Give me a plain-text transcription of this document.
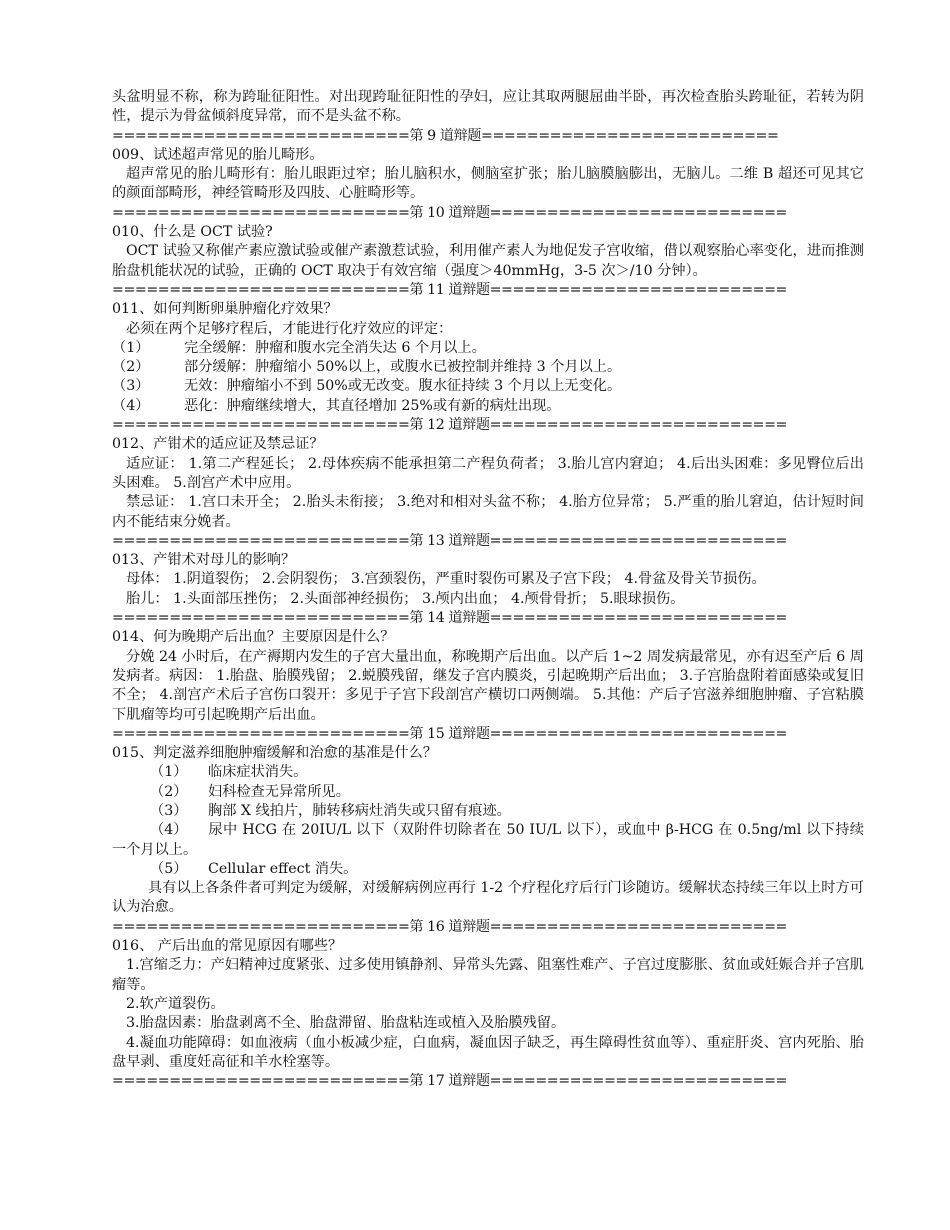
头盆明显不称，称为跨耻征阳性。对出现跨耻征阳性的孕妇，应让其取两腿屈曲半卧，再次检查胎头跨耻征，若转为阴性，提示为骨盆倾斜度异常，而不是头盆不称。

==========================第 9 道辩题==========================

009、试述超声常见的胎儿畸形。

超声常见的胎儿畸形有：胎儿眼距过窄；胎儿脑积水，侧脑室扩张；胎儿脑膜脑膨出，无脑儿。二维 B 超还可见其它的颜面部畸形，神经管畸形及四肢、心脏畸形等。

==========================第 10 道辩题==========================

010、什么是 OCT 试验?

OCT 试验又称催产素应激试验或催产素激惹试验，利用催产素人为地促发子宫收缩，借以观察胎心率变化，进而推测胎盘机能状况的试验，正确的 OCT 取决于有效宫缩（强度＞40mmHg，3-5 次＞/10 分钟）。

==========================第 11 道辩题==========================

011、如何判断卵巢肿瘤化疗效果？

必须在两个足够疗程后，才能进行化疗效应的评定：

（1）	完全缓解：肿瘤和腹水完全消失达 6 个月以上。
（2）	部分缓解：肿瘤缩小 50%以上，或腹水已被控制并维持 3 个月以上。
（3）	无效：肿瘤缩小不到 50%或无改变。腹水征持续 3 个月以上无变化。
（4）	恶化：肿瘤继续增大，其直径增加 25%或有新的病灶出现。

==========================第 12 道辩题==========================

012、产钳术的适应证及禁忌证？

适应证： 1.第二产程延长； 2.母体疾病不能承担第二产程负荷者； 3.胎儿宫内窘迫； 4.后出头困难：多见臀位后出头困难。 5.剖宫产术中应用。

禁忌证： 1.宫口未开全； 2.胎头未衔接； 3.绝对和相对头盆不称； 4.胎方位异常； 5.严重的胎儿窘迫，估计短时间内不能结束分娩者。

==========================第 13 道辩题==========================

013、产钳术对母儿的影响？

母体： 1.阴道裂伤； 2.会阴裂伤； 3.宫颈裂伤，严重时裂伤可累及子宫下段； 4.骨盆及骨关节损伤。

胎儿： 1.头面部压挫伤； 2.头面部神经损伤； 3.颅内出血； 4.颅骨骨折； 5.眼球损伤。

==========================第 14 道辩题==========================

014、何为晚期产后出血？主要原因是什么？

分娩 24 小时后，在产褥期内发生的子宫大量出血，称晚期产后出血。以产后 1~2 周发病最常见，亦有迟至产后 6 周发病者。病因： 1.胎盘、胎膜残留； 2.蜕膜残留，继发子宫内膜炎，引起晚期产后出血； 3.子宫胎盘附着面感染或复旧不全； 4.剖宫产术后子宫伤口裂开：多见于子宫下段剖宫产横切口两侧端。 5.其他：产后子宫滋养细胞肿瘤、子宫粘膜下肌瘤等均可引起晚期产后出血。

==========================第 15 道辩题==========================

015、判定滋养细胞肿瘤缓解和治愈的基准是什么？

（1） 临床症状消失。

（2） 妇科检查无异常所见。

（3） 胸部 X 线拍片，肺转移病灶消失或只留有痕迹。

（4） 尿中 HCG 在 20IU/L 以下（双附件切除者在 50 IU/L 以下），或血中 β-HCG 在 0.5ng/ml 以下持续一个月以上。

（5） Cellular effect 消失。

具有以上各条件者可判定为缓解，对缓解病例应再行 1-2 个疗程化疗后行门诊随访。缓解状态持续三年以上时方可认为治愈。

==========================第 16 道辩题==========================

016、 产后出血的常见原因有哪些？

1.宫缩乏力：产妇精神过度紧张、过多使用镇静剂、异常头先露、阻塞性难产、子宫过度膨胀、贫血或妊娠合并子宫肌瘤等。

2.软产道裂伤。

3.胎盘因素：胎盘剥离不全、胎盘滞留、胎盘粘连或植入及胎膜残留。

4.凝血功能障碍：如血液病（血小板减少症，白血病，凝血因子缺乏，再生障碍性贫血等）、重症肝炎、宫内死胎、胎盘早剥、重度妊高征和羊水栓塞等。

==========================第 17 道辩题==========================
